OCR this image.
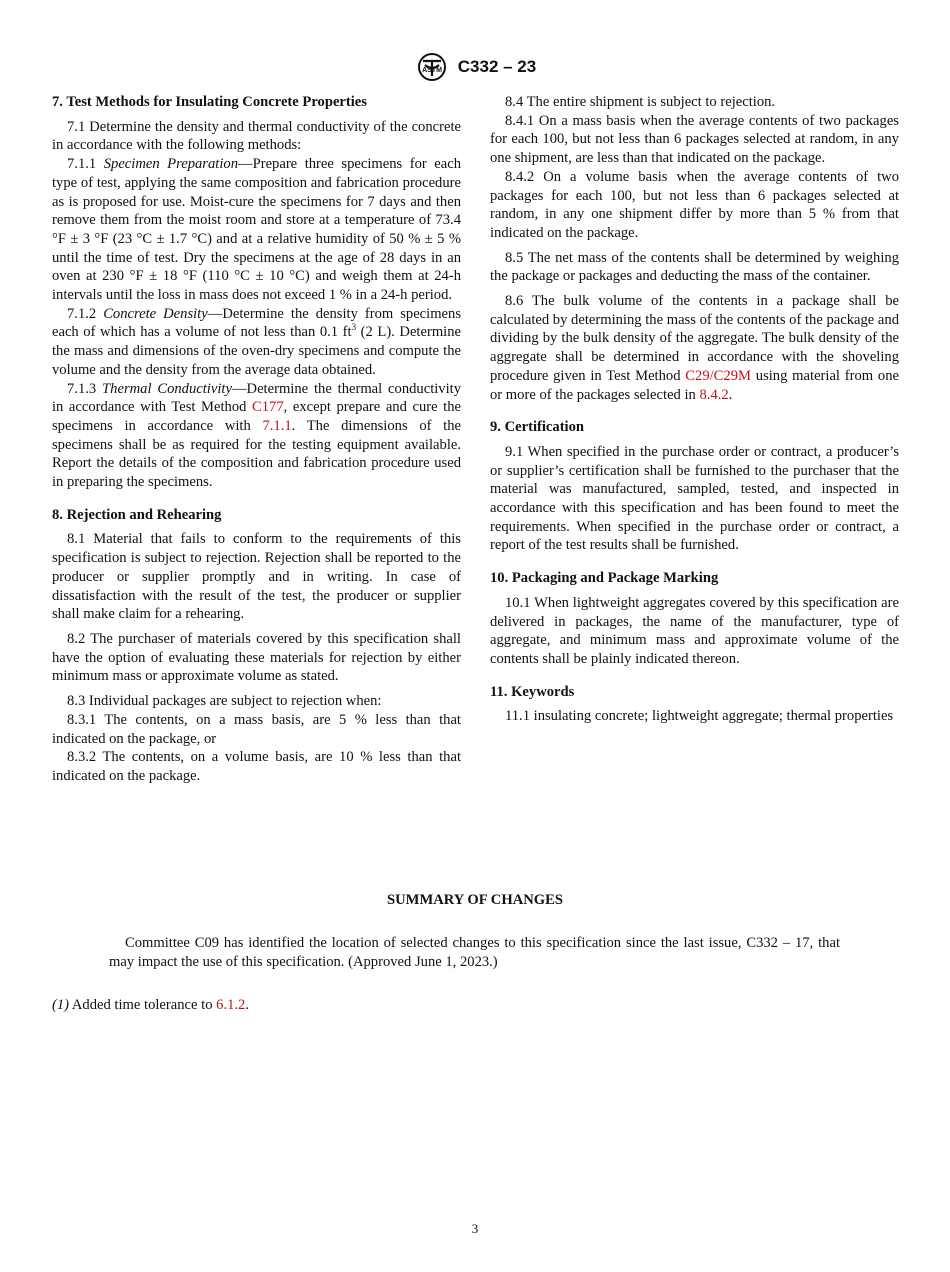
ASTM C332 – 23
7. Test Methods for Insulating Concrete Properties

7.1 Determine the density and thermal conductivity of the concrete in accordance with the following methods:

7.1.1 Specimen Preparation—Prepare three specimens for each type of test, applying the same composition and fabrication procedure as is proposed for use. Moist-cure the specimens for 7 days and then remove them from the moist room and store at a temperature of 73.4 °F ± 3 °F (23 °C ± 1.7 °C) and at a relative humidity of 50 % ± 5 % until the time of test. Dry the specimens at the age of 28 days in an oven at 230 °F ± 18 °F (110 °C ± 10 °C) and weigh them at 24-h intervals until the loss in mass does not exceed 1 % in a 24-h period.

7.1.2 Concrete Density—Determine the density from specimens each of which has a volume of not less than 0.1 $ft^3$ (2 L). Determine the mass and dimensions of the oven-dry specimens and compute the volume and the density from the average data obtained.

7.1.3 Thermal Conductivity—Determine the thermal conductivity in accordance with Test Method C177, except prepare and cure the specimens in accordance with 7.1.1. The dimensions of the specimens shall be as required for the testing equipment available. Report the details of the composition and fabrication procedure used in preparing the specimens.

8. Rejection and Rehearing

8.1 Material that fails to conform to the requirements of this specification is subject to rejection. Rejection shall be reported to the producer or supplier promptly and in writing. In case of dissatisfaction with the result of the test, the producer or supplier shall make claim for a rehearing.

8.2 The purchaser of materials covered by this specification shall have the option of evaluating these materials for rejection by either minimum mass or approximate volume as stated.

8.3 Individual packages are subject to rejection when:

8.3.1 The contents, on a mass basis, are 5 % less than that indicated on the package, or

8.3.2 The contents, on a volume basis, are 10 % less than that indicated on the package.

8.4 The entire shipment is subject to rejection.

8.4.1 On a mass basis when the average contents of two packages for each 100, but not less than 6 packages selected at random, in any one shipment, are less than that indicated on the package.

8.4.2 On a volume basis when the average contents of two packages for each 100, but not less than 6 packages selected at random, in any one shipment differ by more than 5 % from that indicated on the package.

8.5 The net mass of the contents shall be determined by weighing the package or packages and deducting the mass of the container.

8.6 The bulk volume of the contents in a package shall be calculated by determining the mass of the contents of the package and dividing by the bulk density of the aggregate. The bulk density of the aggregate shall be determined in accordance with the shoveling procedure given in Test Method C29/C29M using material from one or more of the packages selected in 8.4.2.

9. Certification

9.1 When specified in the purchase order or contract, a producer’s or supplier’s certification shall be furnished to the purchaser that the material was manufactured, sampled, tested, and inspected in accordance with this specification and has been found to meet the requirements. When specified in the purchase order or contract, a report of the test results shall be furnished.

10. Packaging and Package Marking

10.1 When lightweight aggregates covered by this specification are delivered in packages, the name of the manufacturer, type of aggregate, and minimum mass and approximate volume of the contents shall be plainly indicated thereon.

11. Keywords

11.1 insulating concrete; lightweight aggregate; thermal properties

SUMMARY OF CHANGES
Committee C09 has identified the location of selected changes to this specification since the last issue, C332 – 17, that may impact the use of this specification. (Approved June 1, 2023.)
(1) Added time tolerance to 6.1.2.
3
